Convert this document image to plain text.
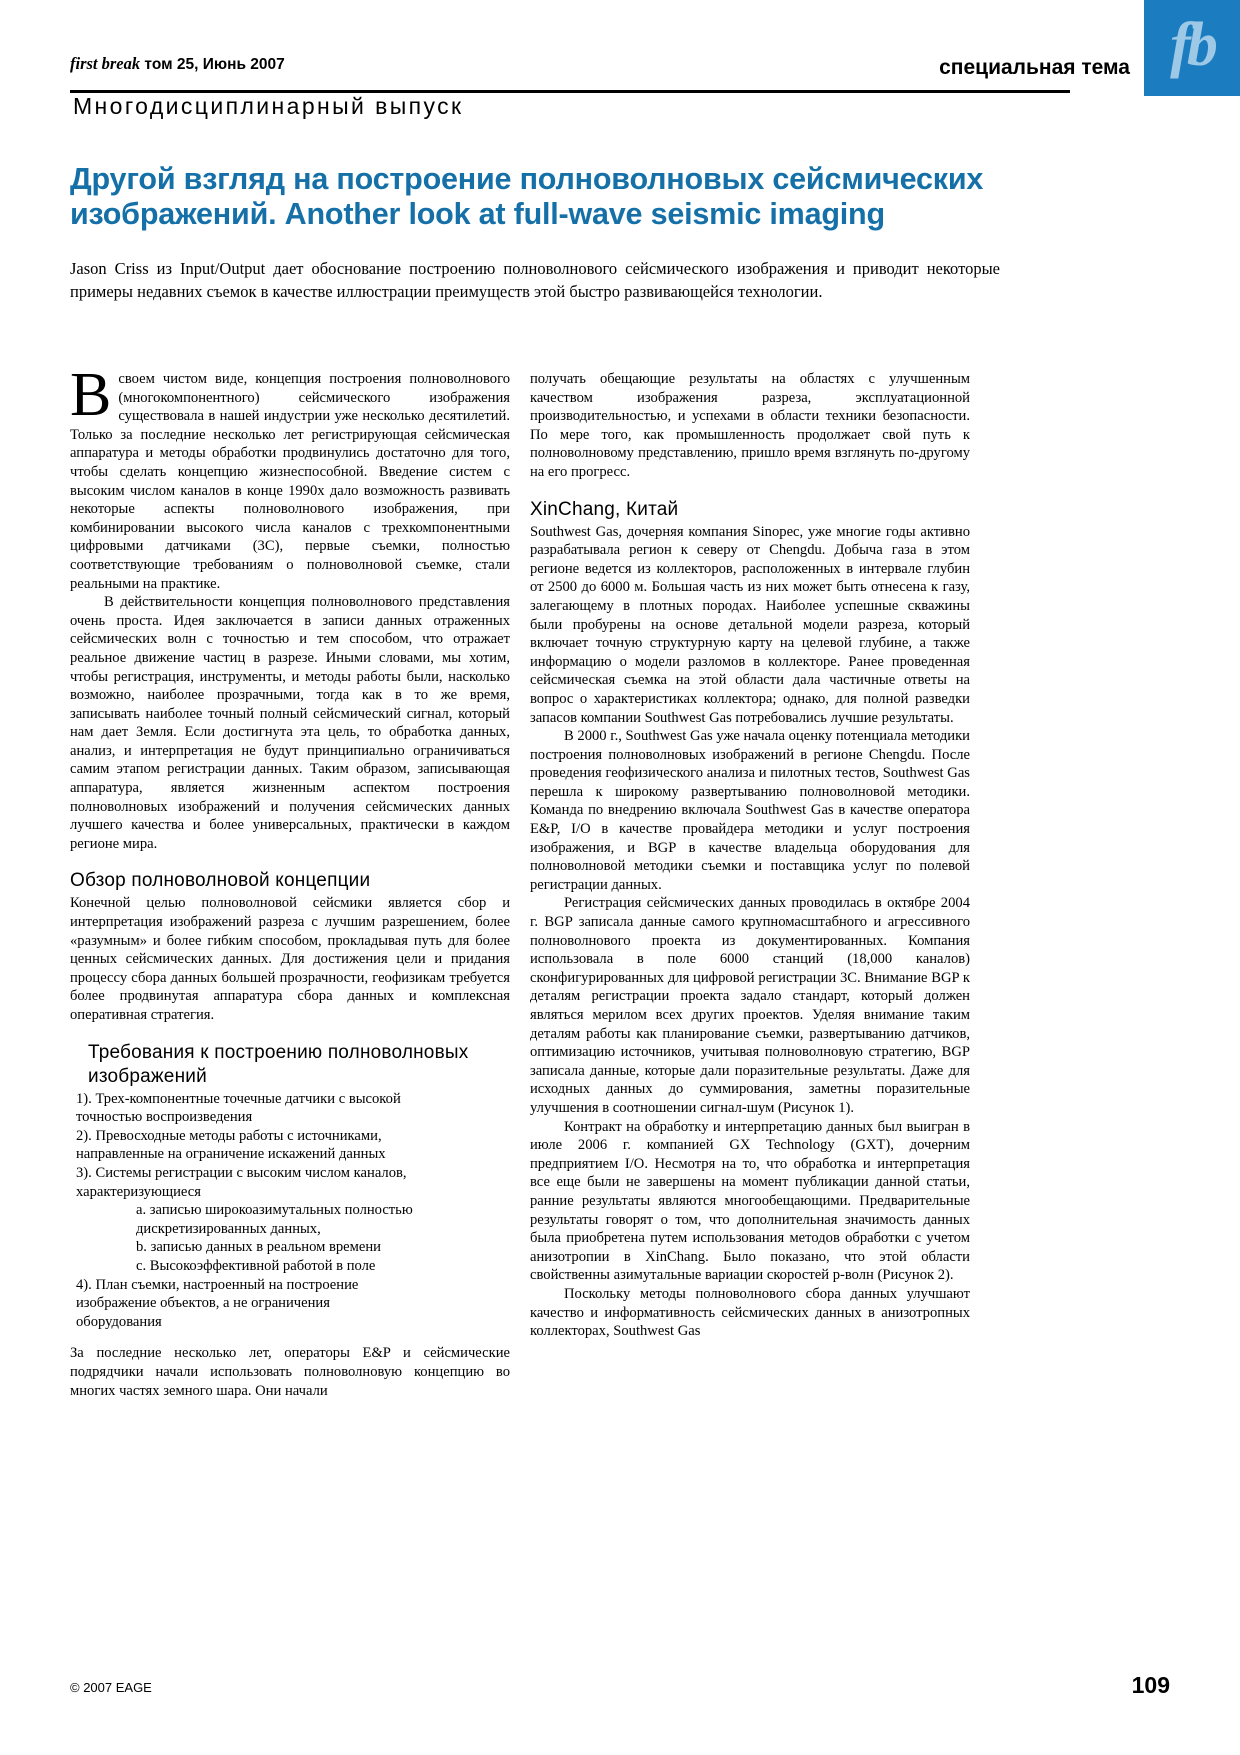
fb
first break том 25, Июнь 2007	специальная тема
Многодисциплинарный выпуск
Другой взгляд на построение полноволновых сейсмических изображений. Another look at full-wave seismic imaging
Jason Criss из Input/Output дает обоснование построению полноволнового сейсмического изображения и приводит некоторые примеры недавних съемок в качестве иллюстрации преимуществ этой быстро развивающейся технологии.

Всвоем чистом виде, концепция построения полноволнового (многокомпонентного) сейсмического изображения существовала в нашей индустрии уже несколько десятилетий. Только за последние несколько лет регистрирующая сейсмическая аппаратура и методы обработки продвинулись достаточно для того, чтобы сделать концепцию жизнеспособной. Введение систем с высоким числом каналов в конце 1990х дало возможность развивать некоторые аспекты полноволнового изображения, при комбинировании высокого числа каналов с трехкомпонентными цифровыми датчиками (3С), первые съемки, полностью соответствующие требованиям о полноволновой съемке, стали реальными на практике.

В действительности концепция полноволнового представления очень проста. Идея заключается в записи данных отраженных сейсмических волн с точностью и тем способом, что отражает реальное движение частиц в разрезе. Иными словами, мы хотим, чтобы регистрация, инструменты, и методы работы были, насколько возможно, наиболее прозрачными, тогда как в то же время, записывать наиболее точный полный сейсмический сигнал, который нам дает Земля. Если достигнута эта цель, то обработка данных, анализ, и интерпретация не будут принципиально ограничиваться самим этапом регистрации данных. Таким образом, записывающая аппаратура, является жизненным аспектом построения полноволновых изображений и получения сейсмических данных лучшего качества и более универсальных, практически в каждом регионе мира.

Обзор полноволновой концепции

Конечной целью полноволновой сейсмики является сбор и интерпретация изображений разреза с лучшим разрешением, более «разумным» и более гибким способом, прокладывая путь для более ценных сейсмических данных. Для достижения цели и придания процессу сбора данных большей прозрачности, геофизикам требуется более продвинутая аппаратура сбора данных и комплексная оперативная стратегия.

Требования к построению полноволновых изображений
1). Трех-компонентные точечные датчики с высокой
точностью воспроизведения
2). Превосходные методы работы с источниками,
направленные на ограничение искажений данных
3). Системы регистрации с высоким числом каналов,
характеризующиеся
a. записью широкоазимутальных полностью
дискретизированных данных,
b. записью данных в реальном времени
c. Высокоэффективной работой в поле
4). План съемки, настроенный на построение
изображение объектов, а не ограничения
оборудования

За последние несколько лет, операторы E&P и сейсмические подрядчики начали использовать полноволновую концепцию во многих частях земного шара. Они начали

получать обещающие результаты на областях с улучшенным качеством изображения разреза, эксплуатационной производительностью, и успехами в области техники безопасности. По мере того, как промышленность продолжает свой путь к полноволновому представлению, пришло время взглянуть по-другому на его прогресс.

XinChang, Китай

Southwest Gas, дочерняя компания Sinopec, уже многие годы активно разрабатывала регион к северу от Chengdu. Добыча газа в этом регионе ведется из коллекторов, расположенных в интервале глубин от 2500 до 6000 м. Большая часть из них может быть отнесена к газу, залегающему в плотных породах. Наиболее успешные скважины были пробурены на основе детальной модели разреза, который включает точную структурную карту на целевой глубине, а также информацию о модели разломов в коллекторе. Ранее проведенная сейсмическая съемка на этой области дала частичные ответы на вопрос о характеристиках коллектора; однако, для полной разведки запасов компании Southwest Gas потребовались лучшие результаты.

В 2000 г., Southwest Gas уже начала оценку потенциала методики построения полноволновых изображений в регионе Chengdu. После проведения геофизического анализа и пилотных тестов, Southwest Gas перешла к широкому развертыванию полноволновой методики. Команда по внедрению включала Southwest Gas в качестве оператора E&P, I/O в качестве провайдера методики и услуг построения изображения, и BGP в качестве владельца оборудования для полноволновой методики съемки и поставщика услуг по полевой регистрации данных.

Регистрация сейсмических данных проводилась в октябре 2004 г. BGP записала данные самого крупномасштабного и агрессивного полноволнового проекта из документированных. Компания использовала в поле 6000 станций (18,000 каналов) сконфигурированных для цифровой регистрации 3С. Внимание BGP к деталям регистрации проекта задало стандарт, который должен являться мерилом всех других проектов. Уделяя внимание таким деталям работы как планирование съемки, развертыванию датчиков, оптимизацию источников, учитывая полноволновую стратегию, BGP записала данные, которые дали поразительные результаты. Даже для исходных данных до суммирования, заметны поразительные улучшения в соотношении сигнал-шум (Рисунок 1).

Контракт на обработку и интерпретацию данных был выигран в июле 2006 г. компанией GX Technology (GXT), дочерним предприятием I/O. Несмотря на то, что обработка и интерпретация все еще были не завершены на момент публикации данной статьи, ранние результаты являются многообещающими. Предварительные результаты говорят о том, что дополнительная значимость данных была приобретена путем использования методов обработки с учетом анизотропии в XinChang. Было показано, что этой области свойственны азимутальные вариации скоростей p-волн (Рисунок 2).

Поскольку методы полноволнового сбора данных улучшают качество и информативность сейсмических данных в анизотропных коллекторах, Southwest Gas

© 2007 EAGE	109
